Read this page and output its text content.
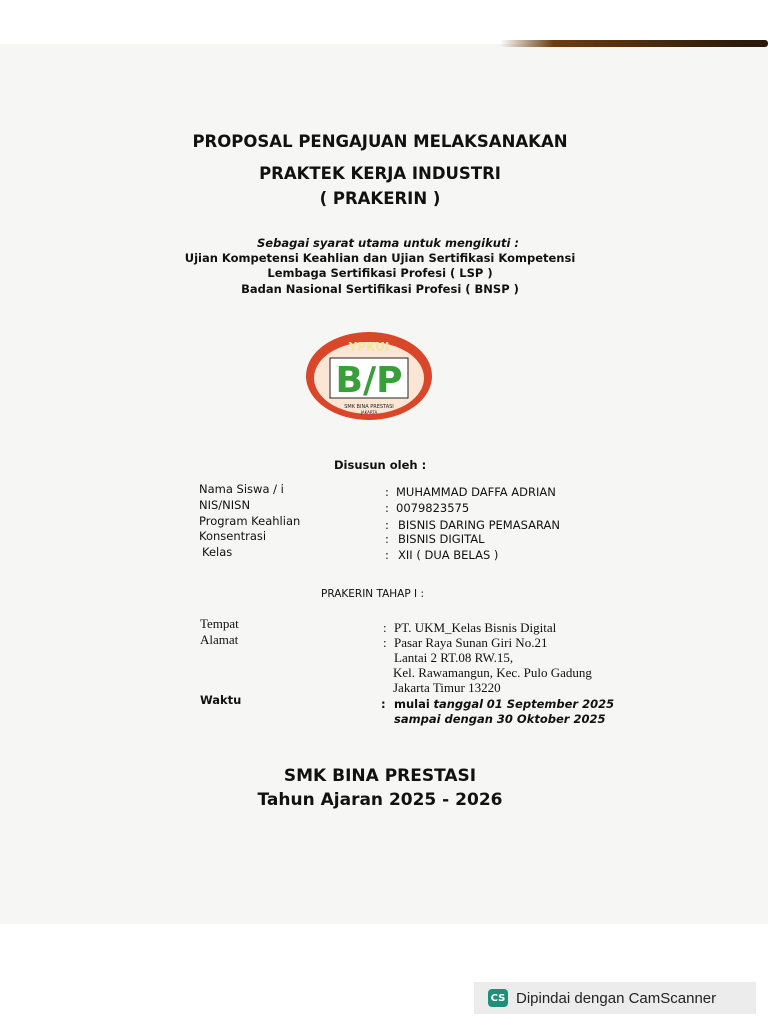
PROPOSAL PENGAJUAN MELAKSANAKAN
PRAKTEK KERJA INDUSTRI
( PRAKERIN )
Sebagai syarat utama untuk mengikuti :
Ujian Kompetensi Keahlian dan Ujian Sertifikasi Kompetensi
Lembaga Sertifikasi Profesi ( LSP )
Badan Nasional Sertifikasi Profesi ( BNSP )
YPKUI
B/P
SMK BINA PRESTASI
JAKARTA
Disusun oleh :
Nama Siswa / i	: MUHAMMAD DAFFA ADRIAN
NIS/NISN	: 0079823575
Program Keahlian	: BISNIS DARING PEMASARAN
Konsentrasi	: BISNIS DIGITAL
Kelas	: XII ( DUA BELAS )
PRAKERIN TAHAP I :
Tempat	: PT. UKM_Kelas Bisnis Digital
Alamat	: Pasar Raya Sunan Giri No.21
Lantai 2 RT.08 RW.15,
Kel. Rawamangun, Kec. Pulo Gadung
Jakarta Timur 13220
Waktu	: mulai tanggal 01 September 2025
sampai dengan 30 Oktober 2025
SMK BINA PRESTASI
Tahun Ajaran 2025 - 2026
CS Dipindai dengan CamScanner
